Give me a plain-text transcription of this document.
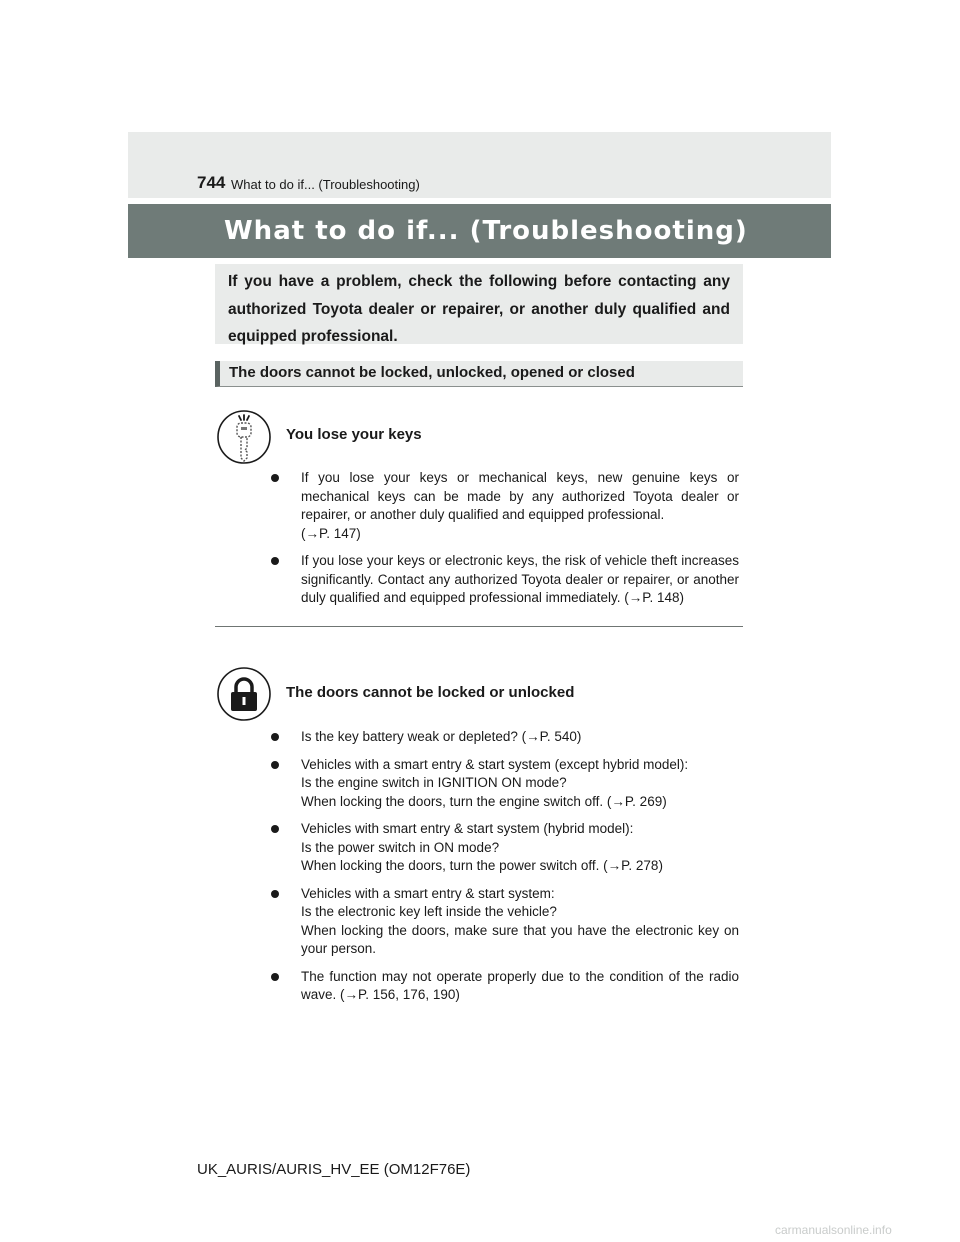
744 What to do if... (Troubleshooting)
What to do if... (Troubleshooting)
If you have a problem, check the following before contacting any authorized Toyota dealer or repairer, or another duly qualified and equipped professional.
The doors cannot be locked, unlocked, opened or closed
You lose your keys
If you lose your keys or mechanical keys, new genuine keys or mechanical keys can be made by any authorized Toyota dealer or repairer, or another duly qualified and equipped professional.
(→P. 147)
If you lose your keys or electronic keys, the risk of vehicle theft increases significantly. Contact any authorized Toyota dealer or repairer, or another duly qualified and equipped professional immediately. (→P. 148)
The doors cannot be locked or unlocked
Is the key battery weak or depleted? (→P. 540)
Vehicles with a smart entry & start system (except hybrid model):
Is the engine switch in IGNITION ON mode?
When locking the doors, turn the engine switch off. (→P. 269)
Vehicles with smart entry & start system (hybrid model):
Is the power switch in ON mode?
When locking the doors, turn the power switch off. (→P. 278)
Vehicles with a smart entry & start system:
Is the electronic key left inside the vehicle?
When locking the doors, make sure that you have the electronic key on your person.
The function may not operate properly due to the condition of the radio wave. (→P. 156, 176, 190)
UK_AURIS/AURIS_HV_EE (OM12F76E)
carmanualsonline.info
